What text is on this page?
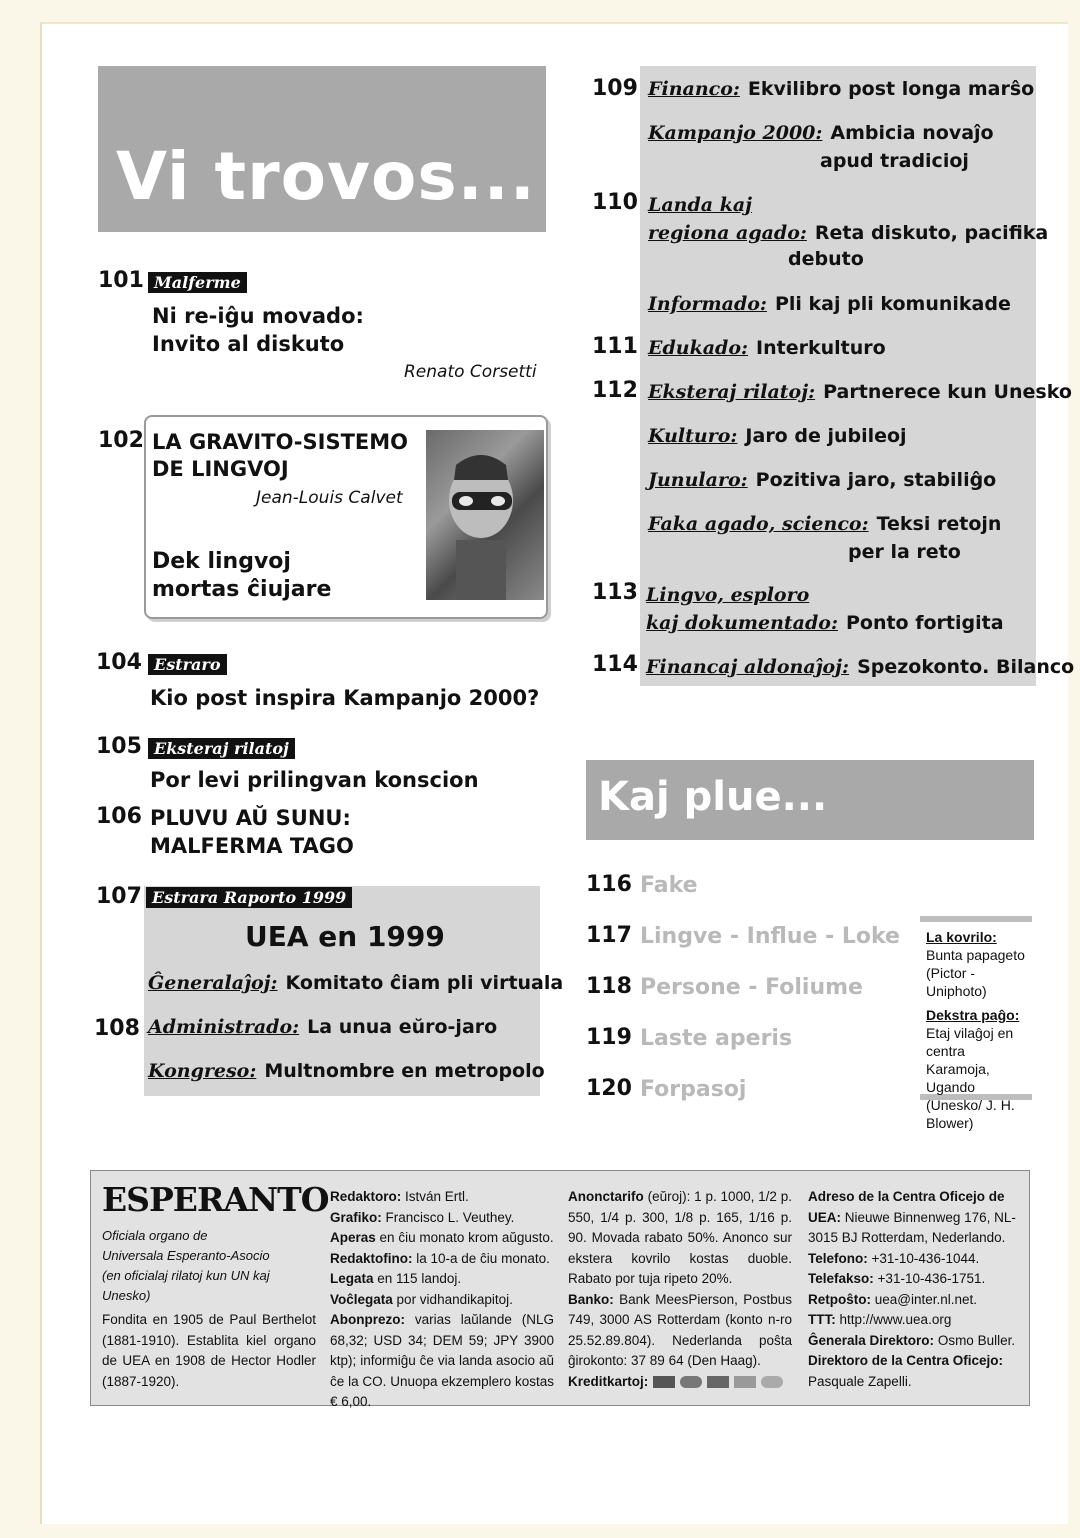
Vi trovos...
101 Malferme
Ni re-iĝu movado:
Invito al diskuto
Renato Corsetti
102 LA GRAVITO-SISTEMO
DE LINGVOJ
Jean-Louis Calvet
Dek lingvoj
mortas ĉiujare
104 Estraro
Kio post inspira Kampanjo 2000?
105 Eksteraj rilatoj
Por levi prilingvan konscion
106 PLUVU AŬ SUNU:
MALFERMA TAGO
107 Estrara Raporto 1999
UEA en 1999
Ĝeneralaĵoj: Komitato ĉiam pli virtuala
108 Administrado: La unua eŭro-jaro
Kongreso: Multnombre en metropolo
109 Financo: Ekvilibro post longa marŝo
Kampanjo 2000: Ambicia novaĵo
apud tradicioj
110 Landa kaj
regiona agado: Reta diskuto, pacifika
debuto
Informado: Pli kaj pli komunikade
111 Edukado: Interkulturo
112 Eksteraj rilatoj: Partnerece kun Unesko
Kulturo: Jaro de jubileoj
Junularo: Pozitiva jaro, stabiliĝo
Faka agado, scienco: Teksi retojn
per la reto
113 Lingvo, esploro
kaj dokumentado: Ponto fortigita
114 Financaj aldonaĵoj: Spezokonto. Bilanco
Kaj plue...
116 Fake
117 Lingve - Influe - Loke
118 Persone - Foliume
119 Laste aperis
120 Forpasoj
La kovrilo: Bunta papageto (Pictor - Uniphoto)
Dekstra paĝo:
Etaj vilaĝoj en centra Karamoja, Ugando (Unesko/ J. H. Blower)
ESPERANTO
Oficiala organo de
Universala Esperanto-Asocio
(en oficialaj rilatoj kun UN kaj Unesko)
Fondita en 1905 de Paul Berthelot (1881-1910). Establita kiel organo de UEA en 1908 de Hector Hodler (1887-1920).
Redaktoro: István Ertl.
Grafiko: Francisco L. Veuthey.
Aperas en ĉiu monato krom aŭgusto.
Redaktofino: la 10-a de ĉiu monato.
Legata en 115 landoj.
Voĉlegata por vidhandikapitoj.
Abonprezo: varias laŭlande (NLG 68,32; USD 34; DEM 59; JPY 3900 ktp); informiĝu ĉe via landa asocio aŭ ĉe la CO. Unuopa ekzemplero kostas € 6,00.
Anonctarifo (eŭroj): 1 p. 1000, 1/2 p. 550, 1/4 p. 300, 1/8 p. 165, 1/16 p. 90. Movada rabato 50%. Anonco sur ekstera kovrilo kostas duoble. Rabato por tuja ripeto 20%.
Banko: Bank MeesPierson, Postbus 749, 3000 AS Rotterdam (konto n-ro 25.52.89.804). Nederlanda poŝta ĝirokonto: 37 89 64 (Den Haag).
Kreditkartoj:
Adreso de la Centra Oficejo de UEA: Nieuwe Binnenweg 176, NL-3015 BJ Rotterdam, Nederlando.
Telefono: +31-10-436-1044.
Telefakso: +31-10-436-1751.
Retpoŝto: uea@inter.nl.net.
TTT: http://www.uea.org
Ĝenerala Direktoro: Osmo Buller.
Direktoro de la Centra Oficejo: Pasquale Zapelli.
